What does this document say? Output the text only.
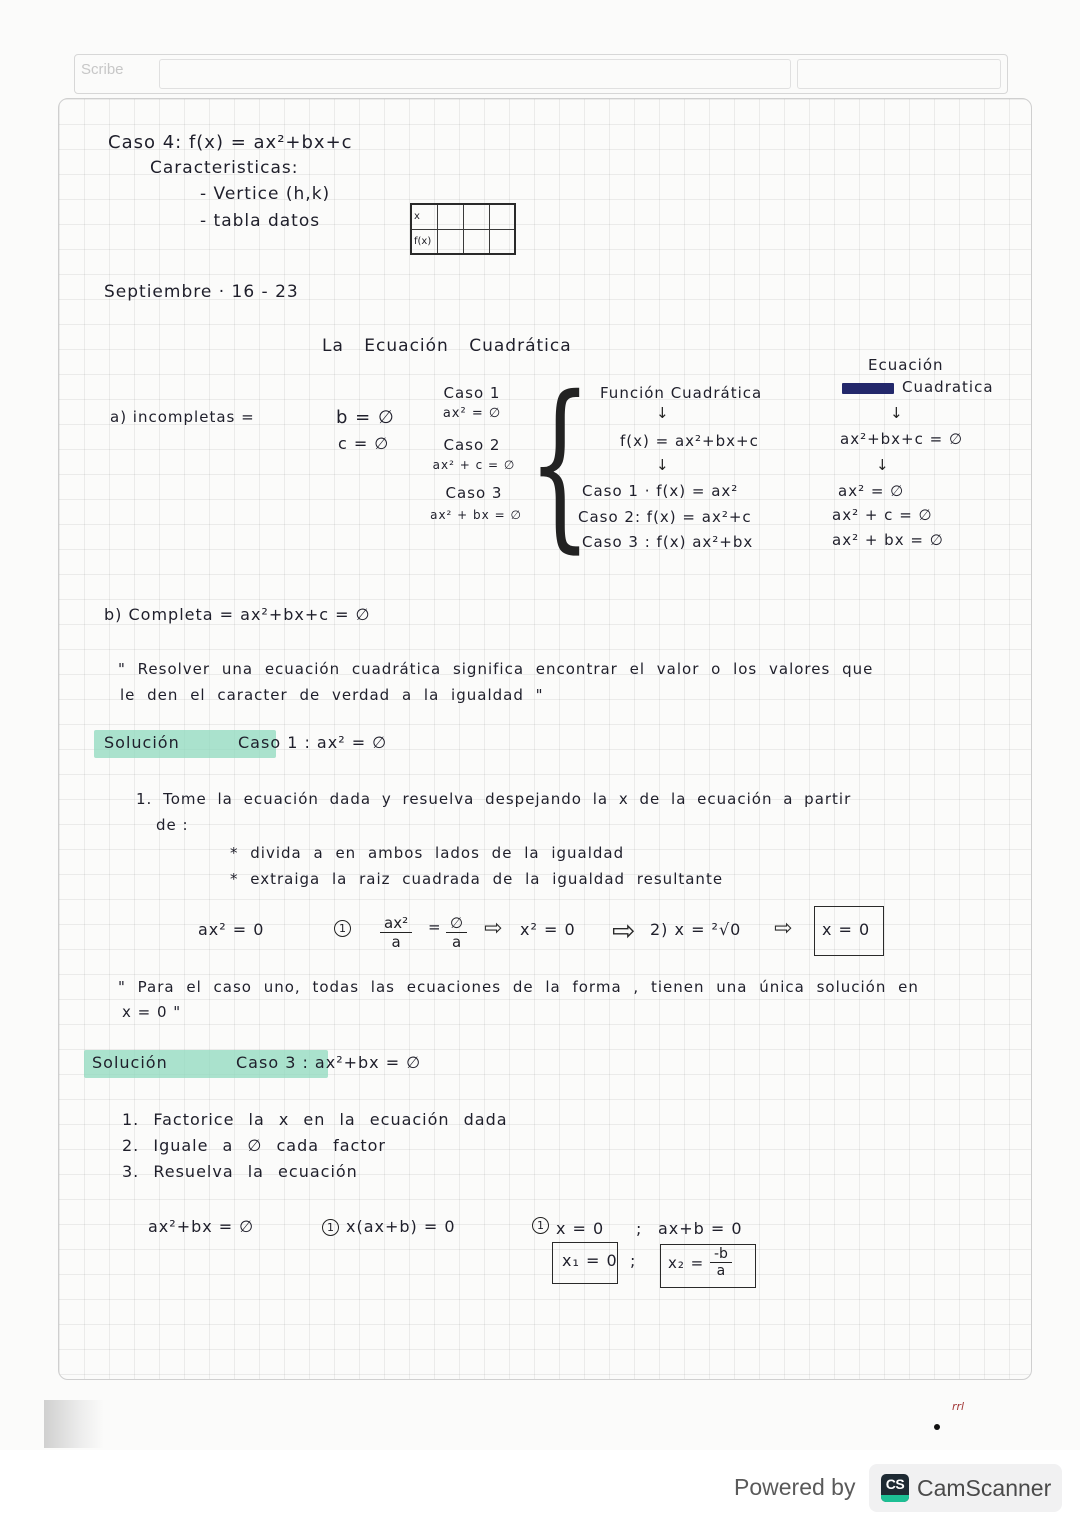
Scribe
Caso 4: f(x) = ax²+bx+c
Caracteristicas:
- Vertice (h,k)
- tabla datos	x			
f(x)			
Septiembre · 16 - 23
La Ecuación Cuadrática
a) incompletas =	b = ∅
c = ∅
Caso 1
ax² = ∅
Caso 2
ax² + c = ∅
Caso 3
ax² + bx = ∅ { Función Cuadrática
↓
f(x) = ax²+bx+c
↓
Caso 1 · f(x) = ax²
Caso 2: f(x) = ax²+c
Caso 3 : f(x) ax²+bx
Ecuación
Cuadratica
↓
ax²+bx+c = ∅
↓
ax² = ∅
ax² + c = ∅
ax² + bx = ∅
b) Completa = ax²+bx+c = ∅
" Resolver una ecuación cuadrática significa encontrar el valor o los valores que
le den el caracter de verdad a la igualdad "
Solución	Caso 1 : ax² = ∅
1. Tome la ecuación dada y resuelva despejando la x de la ecuación a partir
de :
* divida a en ambos lados de la igualdad
* extraiga la raiz cuadrada de la igualdad resultante
ax² = 0	1	$\frac{\text{ax²}}{a}$ = ∅
a
⇨ x² = 0 ⇨ 2) x = ²√0 ⇨ x = 0
" Para el caso uno, todas las ecuaciones de la forma , tienen una única solución en
x = 0 "
Solución	Caso 3 : ax²+bx = ∅
1. Factorice la x en la ecuación dada
2. Iguale a ∅ cada factor
3. Resuelva la ecuación
ax²+bx = ∅	1 x(ax+b) = 0	1 x = 0 ; ax+b = 0
x₁ = 0 ; $x_2 = \frac{-b}{a}$
rrl
Powered by	CS CamScanner
